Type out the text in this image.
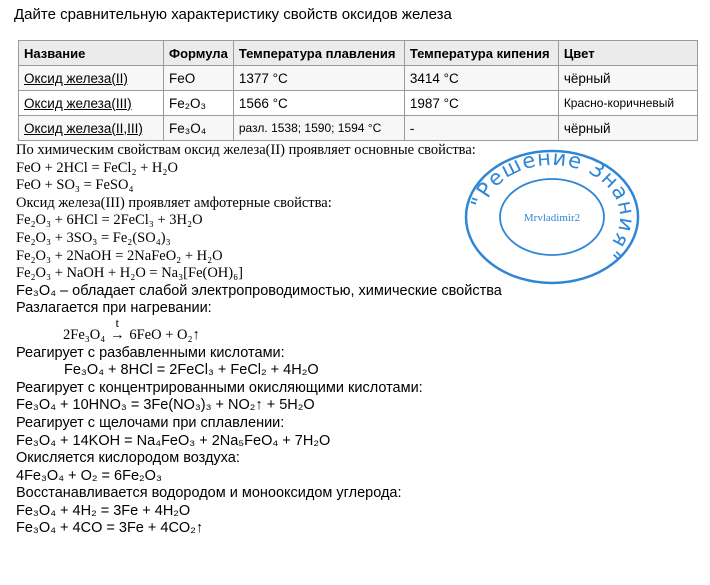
Дайте сравнительную характеристику свойств оксидов железа
Название	Формула	Температура плавления	Температура кипения	Цвет
Оксид железа(II)	FeO	1377 °C	3414 °C	чёрный
Оксид железа(III)	Fe₂O₃	1566 °C	1987 °C	Красно-коричневый
Оксид железа(II,III)	Fe₃O₄	разл. 1538; 1590; 1594 °C	-	чёрный
По химическим свойствам оксид железа(II) проявляет основные свойства:
FeO + 2HCl = FeCl₂ + H₂O
FeO + SO₃ = FeSO₄
Оксид железа(III) проявляет амфотерные свойства:
Fe₂O₃ + 6HCl = 2FeCl₃ + 3H₂O
Fe₂O₃ + 3SO₃ = Fe₂(SO₄)₃
Fe₂O₃ + 2NaOH = 2NaFeO₂ + H₂O
Fe₂O₃ + NaOH + H₂O = Na₃[Fe(OH)₆]
Fe₃O₄ – обладает слабой электропроводимостью, химические свойства
Разлагается при нагревании:
2Fe₃O₄
t
→ 6FeO + O₂↑
Реагирует с разбавленными кислотами:
Fe₃O₄ + 8HCl = 2FeCl₃ + FeCl₂ + 4H₂O
Реагирует с концентрированными окисляющими кислотами:
Fe₃O₄ + 10HNO₃ = 3Fe(NO₃)₃ + NO₂↑ + 5H₂O
Реагирует с щелочами при сплавлении:
Fe₃O₄ + 14KOH = Na₄FeO₃ + 2Na₅FeO₄ + 7H₂O
Окисляется кислородом воздуха:
4Fe₃O₄ + O₂ = 6Fe₂O₃
Восстанавливается водородом и монооксидом углерода:
Fe₃O₄ + 4H₂ = 3Fe + 4H₂O
Fe₃O₄ + 4CO = 3Fe + 4CO₂↑
"Решение Знания"
Mrvladimir2
